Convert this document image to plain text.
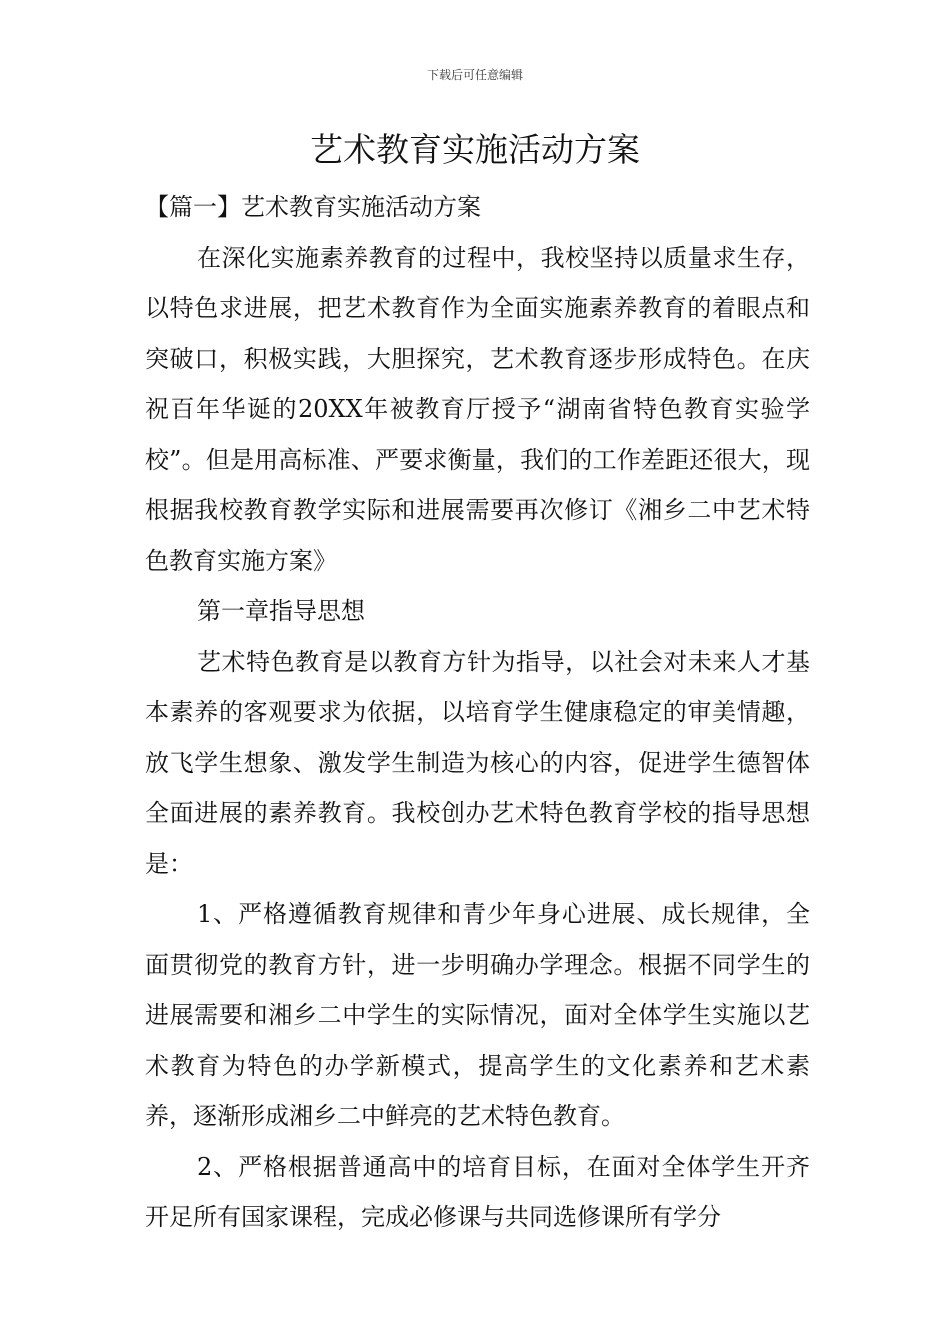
下载后可任意编辑
艺术教育实施活动方案

【篇一】艺术教育实施活动方案

在深化实施素养教育的过程中，我校坚持以质量求生存，以特色求进展，把艺术教育作为全面实施素养教育的着眼点和突破口，积极实践，大胆探究，艺术教育逐步形成特色。在庆祝百年华诞的20XX年被教育厅授予“湖南省特色教育实验学校”。但是用高标准、严要求衡量，我们的工作差距还很大，现根据我校教育教学实际和进展需要再次修订《湘乡二中艺术特色教育实施方案》

第一章指导思想

艺术特色教育是以教育方针为指导，以社会对未来人才基本素养的客观要求为依据，以培育学生健康稳定的审美情趣，放飞学生想象、激发学生制造为核心的内容，促进学生德智体全面进展的素养教育。我校创办艺术特色教育学校的指导思想是：

1、严格遵循教育规律和青少年身心进展、成长规律，全面贯彻党的教育方针，进一步明确办学理念。根据不同学生的进展需要和湘乡二中学生的实际情况，面对全体学生实施以艺术教育为特色的办学新模式，提高学生的文化素养和艺术素养，逐渐形成湘乡二中鲜亮的艺术特色教育。

2、严格根据普通高中的培育目标，在面对全体学生开齐开足所有国家课程，完成必修课与共同选修课所有学分
